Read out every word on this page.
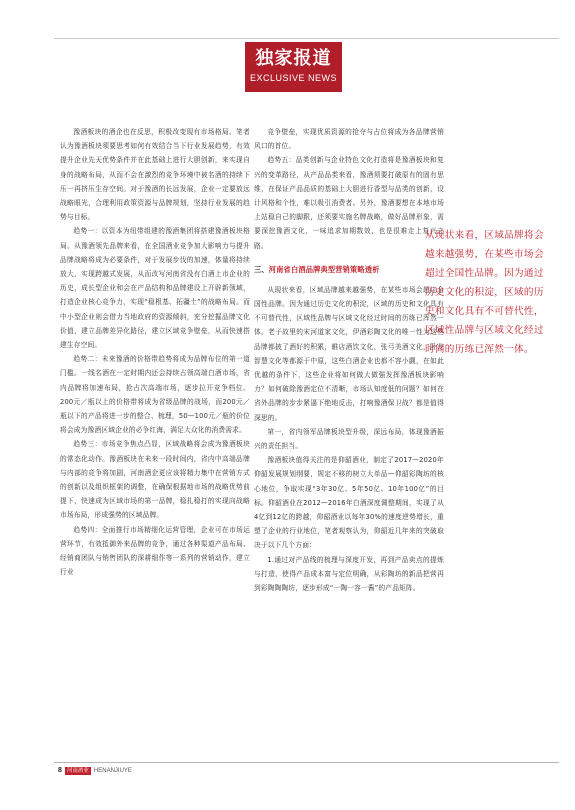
独家报道
EXCLUSIVE NEWS

豫酒板块的酒企也在反思，积极改变现有市场格局。笔者认为豫酒板块须要思考如何有效结合当下行业发展趋势，有效提升企业先天优势条件并在此基础上进行大胆创新，来实现自身的战略布局，从而不会在激烈的竞争环境中被名酒的持续下压一再挤压生存空间。对于豫酒的长远发展，企业一定要放远战略眼光，合理利用政策资源与品牌规划，坚持行业发展的趋势与目标。

趋势一：以资本为纽带组建的豫酒集团将搭建豫酒板块格局。从豫酒领先品牌来看，在全国酒业竞争加大影响力与提升品牌战略将成为必要条件，对于发展步伐的加速，体量将持续放大，实现跨越式发展，从而改写河南省没有白酒上市企业的历史，成长型企业和会在产品结构和品牌建设上开辟新领域，打造企业核心竞争力，实现“稳根基、拓疆土”的战略布局。而中小型企业则会借力当地政府的资源倾斜，充分挖掘品牌文化价值，建立品牌差异化路径，建立区域竞争壁垒，从而快速搭建生存空间。

趋势二：未来豫酒的价格带趋势将成为品牌布位的第一道门槛。一线名酒在一定时期内还会持续占领高端白酒市场，省内品牌将加速布局，抢占次高端市场，逐步拉开竞争档位。200元／瓶以上的价格带将成为省级品牌的战场，而200元／瓶以下的产品将进一步的整合、梳理，50—100元／瓶的价位将会成为豫酒区域企业的必争红海，满足大众化的消费需求。

趋势三：市场竞争焦点凸显，区域战略将会成为豫酒板块的常态化动作。豫酒板块在未来一段时间内，省内中高端品牌与内部的竞争将加剧，河南酒企更应该将精力集中在营销方式的创新以及组织框架的调整，在确保根据地市场的战略优势前提下，快速成为区域市场的第一品牌，稳扎稳打的实现向战略市场布局，形成强势的区域品牌。

趋势四：全面推行市场精细化运营管理，企业可在市场运营环节，有效抵御外来品牌的竞争，通过各种渠道产品布局、经销商团队与销售团队的深耕细作等一系列的营销动作，建立行业

竞争壁垒，实现优质资源的抢夺与占位将成为各品牌营销风口的首位。

趋势五：品类创新与企业特色文化打造将是豫酒板块和复兴的变革路径，从产品品类来看，豫酒须要打破原有的固有思维，在保证产品品质的基础上大胆进行香型与品类的创新，设计风格和个性，难以吸引消费者。另外，豫酒要想在本地市场上站稳自己的脚跟，还须要实施名牌战略，做好品牌形象，需要深挖豫酒文化，一味追求加期数效，也是很难走上复兴之路。

三、河南省白酒品牌典型营销策略透析

从现状来看，区域品牌越来越强势，在某些市场会超过全国性品牌。因为通过历史文化的积淀，区域的历史和文化具有不可替代性，区域性品牌与区域文化经过时间的历练已浑然一体。老子故里的宋河道家文化，伊酒彩陶文化的唯一性为这些品牌都披了酒好的积累，睢店酒饮文化，张弓美酒文化，卧龙智慧文化等都源于中原，这些白酒企业也都不容小觑，在如此优越的条件下，这些企业将如何做大做强发挥豫酒板块影响力？如何破除豫酒定位不清晰，市场认知度低的问题？如何在省外品牌的步步紧逼下绝地反击，打响豫酒保卫战？都是值得深思的。

第一，省内领军品牌板块型升级，深远布局，体现豫酒振兴的责任担当。

豫酒板块值得关注的是仰韶酒业，制定了2017—2020年仰韶发展规划纲要，规定不移的树立大单品—仰韶彩陶坊的核心地位，争取实现“3年30亿、5年50亿、10年100亿”的目标。仰韶酒业在2012—2016年白酒深度调整期间，实现了从4亿到12亿的跨越，仰韶酒业以每年30%的速度逆势增长，重塑了企业的行业地位，笔者观察认为，仰韶近几年来的突破取决于以下几个方面：

1.通过对产品线的梳理与深度开发，再到产品卖点的提炼与打造，使得产品成本富与定位明确，从彩陶坊的新品把营再到彩陶陶陶坊，逐步形成“一陶一容一酱”的产品矩阵。

从现状来看，区域品牌将会越来越强势，在某些市场会超过全国性品牌。因为通过历史文化的积淀，区域的历史和文化具有不可替代性，区域性品牌与区域文化经过时间的历练已浑然一体。
8 河南酒业 HENANJIUYE
